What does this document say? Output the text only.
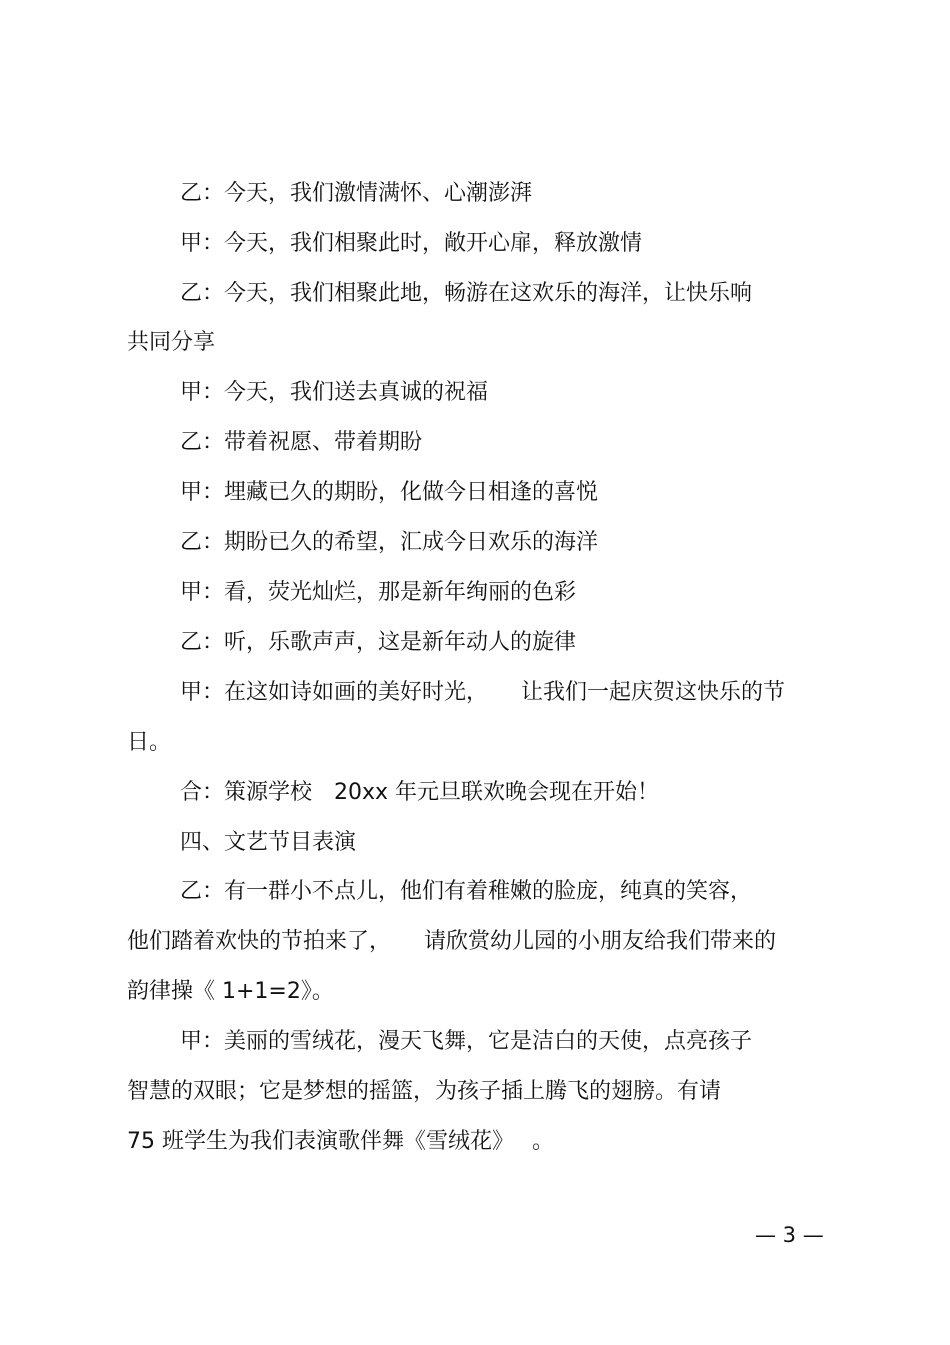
乙：今天，我们激情满怀、心潮澎湃
甲：今天，我们相聚此时，敞开心扉，释放激情
乙：今天，我们相聚此地，畅游在这欢乐的海洋，让快乐响
共同分享
甲：今天，我们送去真诚的祝福
乙：带着祝愿、带着期盼
甲：埋藏已久的期盼，化做今日相逢的喜悦
乙：期盼已久的希望，汇成今日欢乐的海洋
甲：看，荧光灿烂，那是新年绚丽的色彩
乙：听，乐歌声声，这是新年动人的旋律
甲：在这如诗如画的美好时光，　　让我们一起庆贺这快乐的节
日。
合：策源学校　20xx 年元旦联欢晚会现在开始！
四、文艺节目表演
乙：有一群小不点儿，他们有着稚嫩的脸庞，纯真的笑容，
他们踏着欢快的节拍来了，　　请欣赏幼儿园的小朋友给我们带来的
韵律操《 1+1=2》。
甲：美丽的雪绒花，漫天飞舞，它是洁白的天使，点亮孩子
智慧的双眼；它是梦想的摇篮，为孩子插上腾飞的翅膀。有请
75 班学生为我们表演歌伴舞《雪绒花》　 。
— 3 —
